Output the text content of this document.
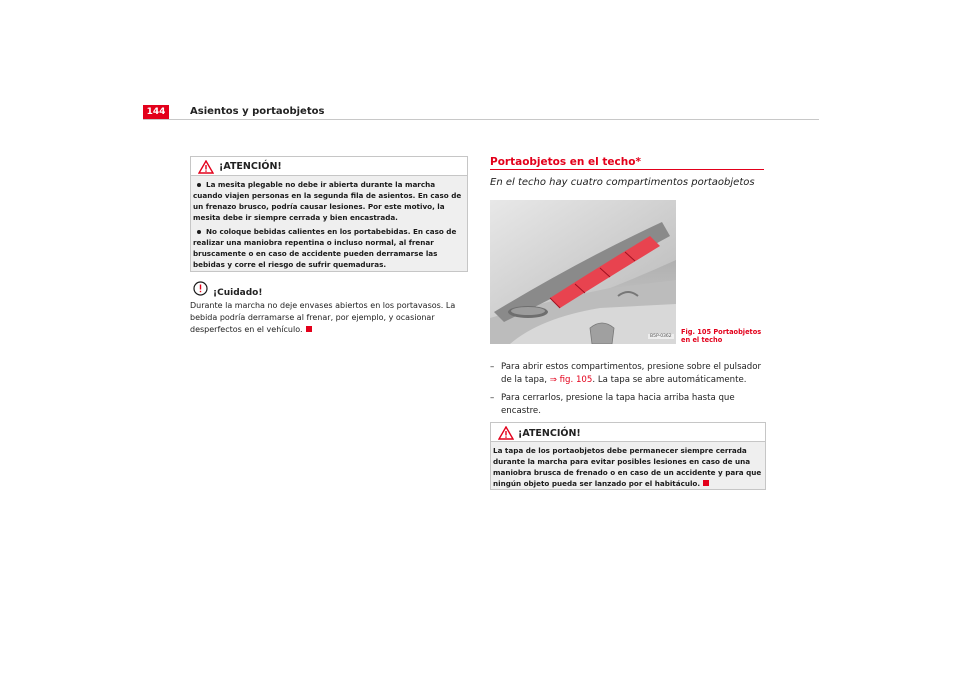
144	Asientos y portaobjetos
¡ATENCIÓN!

La mesita plegable no debe ir abierta durante la marcha cuando viajen personas en la segunda fila de asientos. En caso de un frenazo brusco, podría causar lesiones. Por este motivo, la mesita debe ir siempre cerrada y bien encastrada.

No coloque bebidas calientes en los portabebidas. En caso de realizar una maniobra repentina o incluso normal, al frenar bruscamente o en caso de accidente pueden derramarse las bebidas y corre el riesgo de sufrir quemaduras.

¡Cuidado!

Durante la marcha no deje envases abiertos en los portavasos. La bebida podría derramarse al frenar, por ejemplo, y ocasionar desperfectos en el vehículo.

Portaobjetos en el techo*
En el techo hay cuatro compartimentos portaobjetos
B5P-0362
Fig. 105 Portaobjetos en el techo
– Para abrir estos compartimentos, presione sobre el pulsador de la tapa, ⇒ fig. 105. La tapa se abre automáticamente.
– Para cerrarlos, presione la tapa hacia arriba hasta que encastre.
¡ATENCIÓN!

La tapa de los portaobjetos debe permanecer siempre cerrada durante la marcha para evitar posibles lesiones en caso de una maniobra brusca de frenado o en caso de un accidente y para que ningún objeto pueda ser lanzado por el habitáculo.
